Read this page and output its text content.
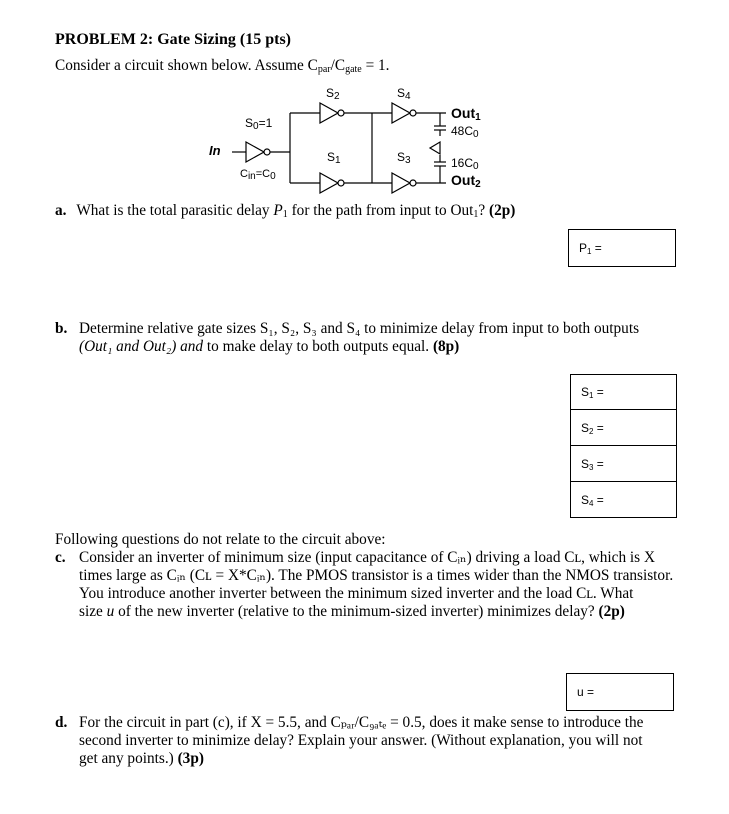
PROBLEM 2: Gate Sizing (15 pts)
Consider a circuit shown below. Assume $C_{par}/C_{gate} = 1$.
$S_2$	$S_4$
$S_0=1$
In	$S_1$	$S_3$
$C_{in}=C_0$
Out$_1$
$48C_0$
$16C_0$
Out$_2$
a. What is the total parasitic delay $P_1$ for the path from input to Out$_1$? (2p)
$P_1$ =
b. Determine relative gate sizes S₁, S₂, S₃ and S₄ to minimize delay from input to both outputs
(Out₁ and Out₂) and to make delay to both outputs equal. (8p)
$S_1$ =
$S_2$ =
$S_3$ =
$S_4$ =
Following questions do not relate to the circuit above:
c. Consider an inverter of minimum size (input capacitance of Cᵢₙ) driving a load Cʟ, which is X
times large as Cᵢₙ (Cʟ = X*Cᵢₙ). The PMOS transistor is a times wider than the NMOS transistor.
You introduce another inverter between the minimum sized inverter and the load Cʟ. What
size u of the new inverter (relative to the minimum-sized inverter) minimizes delay? (2p)
u =
d. For the circuit in part (c), if X = 5.5, and Cₚₐᵣ/C₉ₐₜₑ = 0.5, does it make sense to introduce the
second inverter to minimize delay? Explain your answer. (Without explanation, you will not
get any points.) (3p)
